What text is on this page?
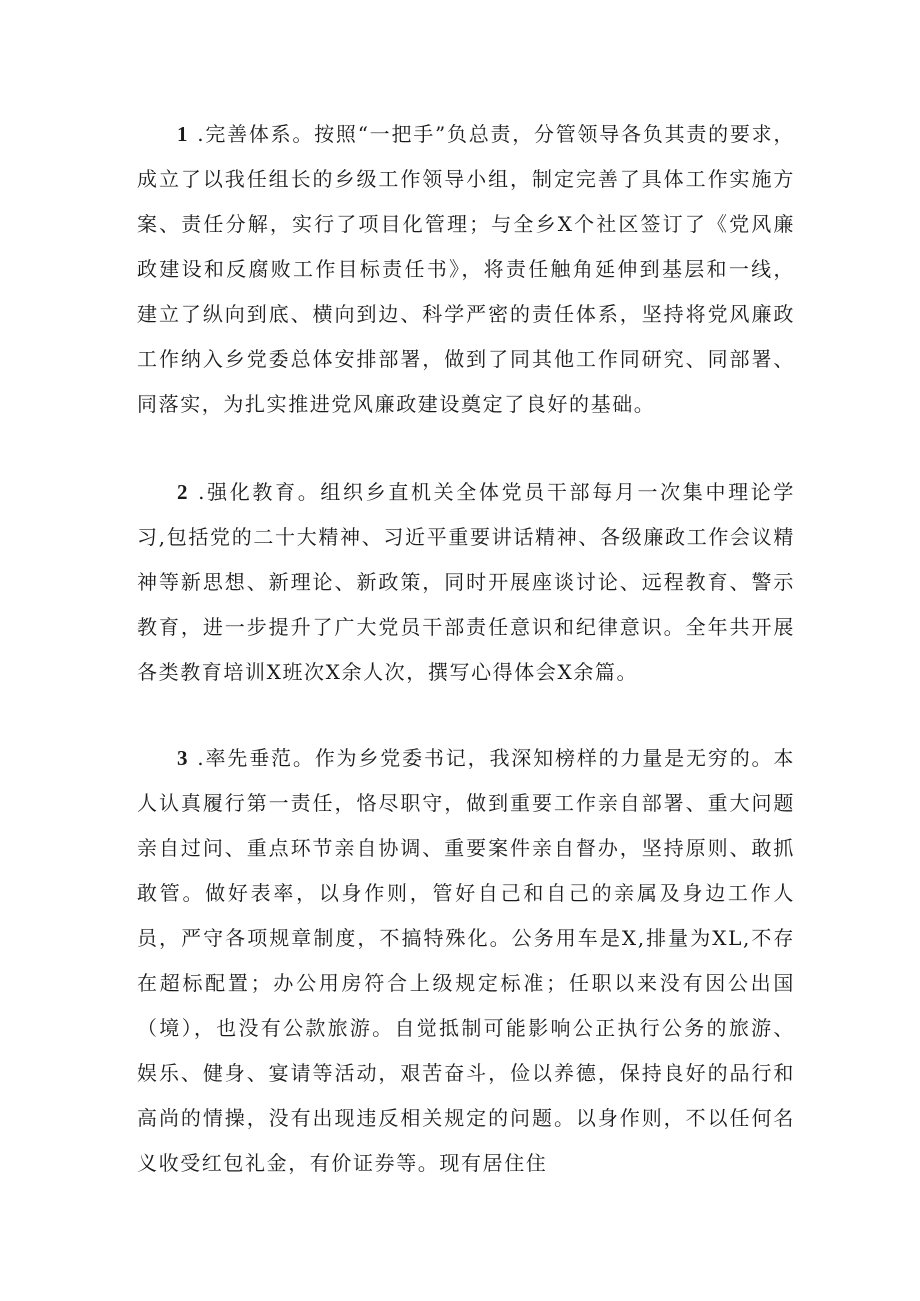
1 .完善体系。按照“一把手”负总责，分管领导各负其责的要求，成立了以我任组长的乡级工作领导小组，制定完善了具体工作实施方案、责任分解，实行了项目化管理；与全乡X个社区签订了《党风廉政建设和反腐败工作目标责任书》，将责任触角延伸到基层和一线，建立了纵向到底、横向到边、科学严密的责任体系，坚持将党风廉政工作纳入乡党委总体安排部署，做到了同其他工作同研究、同部署、同落实，为扎实推进党风廉政建设奠定了良好的基础。

2 .强化教育。组织乡直机关全体党员干部每月一次集中理论学习,包括党的二十大精神、习近平重要讲话精神、各级廉政工作会议精神等新思想、新理论、新政策，同时开展座谈讨论、远程教育、警示教育，进一步提升了广大党员干部责任意识和纪律意识。全年共开展各类教育培训X班次X余人次，撰写心得体会X余篇。

3 .率先垂范。作为乡党委书记，我深知榜样的力量是无穷的。本人认真履行第一责任，恪尽职守，做到重要工作亲自部署、重大问题亲自过问、重点环节亲自协调、重要案件亲自督办，坚持原则、敢抓敢管。做好表率，以身作则，管好自己和自己的亲属及身边工作人员，严守各项规章制度，不搞特殊化。公务用车是X,排量为XL,不存在超标配置；办公用房符合上级规定标准；任职以来没有因公出国（境），也没有公款旅游。自觉抵制可能影响公正执行公务的旅游、娱乐、健身、宴请等活动，艰苦奋斗，俭以养德，保持良好的品行和高尚的情操，没有出现违反相关规定的问题。以身作则，不以任何名义收受红包礼金，有价证券等。现有居住住
